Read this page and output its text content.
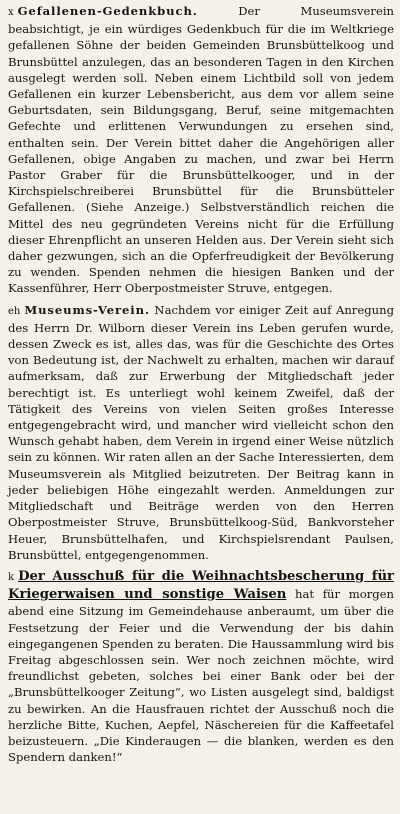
x Gefallenen-Gedenkbuch. Der Museumsverein beabsichtigt, je ein würdiges Gedenkbuch für die im Weltkriege gefallenen Söhne der beiden Gemeinden Brunsbüttelkoog und Brunsbüttel anzulegen, das an besonderen Tagen in den Kirchen ausgelegt werden soll. Neben einem Lichtbild soll von jedem Gefallenen ein kurzer Lebensbericht, aus dem vor allem seine Geburtsdaten, sein Bildungsgang, Beruf, seine mitgemachten Gefechte und erlittenen Verwundungen zu ersehen sind, enthalten sein. Der Verein bittet daher die Angehörigen aller Gefallenen, obige Angaben zu machen, und zwar bei Herrn Pastor Graber für die Brunsbüttelkooger, und in der Kirchspielschreiberei Brunsbüttel für die Brunsbütteler Gefallenen. (Siehe Anzeige.) Selbstverständlich reichen die Mittel des neu gegründeten Vereins nicht für die Erfüllung dieser Ehrenpflicht an unseren Helden aus. Der Verein sieht sich daher gezwungen, sich an die Opferfreudigkeit der Bevölkerung zu wenden. Spenden nehmen die hiesigen Banken und der Kassenführer, Herr Oberpostmeister Struve, entgegen.

eh Museums-Verein. Nachdem vor einiger Zeit auf Anregung des Herrn Dr. Wilborn dieser Verein ins Leben gerufen wurde, dessen Zweck es ist, alles das, was für die Geschichte des Ortes von Bedeutung ist, der Nachwelt zu erhalten, machen wir darauf aufmerksam, daß zur Erwerbung der Mitgliedschaft jeder berechtigt ist. Es unterliegt wohl keinem Zweifel, daß der Tätigkeit des Vereins von vielen Seiten großes Interesse entgegengebracht wird, und mancher wird vielleicht schon den Wunsch gehabt haben, dem Verein in irgend einer Weise nützlich sein zu können. Wir raten allen an der Sache Interessierten, dem Museumsverein als Mitglied beizutreten. Der Beitrag kann in jeder beliebigen Höhe eingezahlt werden. Anmeldungen zur Mitgliedschaft und Beiträge werden von den Herren Oberpostmeister Struve, Brunsbüttelkoog-Süd, Bankvorsteher Heuer, Brunsbüttelhafen, und Kirchspielsrendant Paulsen, Brunsbüttel, entgegengenommen.

k Der Ausschuß für die Weihnachtsbescherung für Kriegerwaisen und sonstige Waisen hat für morgen abend eine Sitzung im Gemeindehause anberaumt, um über die Festsetzung der Feier und die Verwendung der bis dahin eingegangenen Spenden zu beraten. Die Haussammlung wird bis Freitag abgeschlossen sein. Wer noch zeichnen möchte, wird freundlichst gebeten, solches bei einer Bank oder bei der „Brunsbüttelkooger Zeitung“, wo Listen ausgelegt sind, baldigst zu bewirken. An die Hausfrauen richtet der Ausschuß noch die herzliche Bitte, Kuchen, Aepfel, Näschereien für die Kaffeetafel beizusteuern. „Die Kinderaugen — die blanken, werden es den Spendern danken!“
